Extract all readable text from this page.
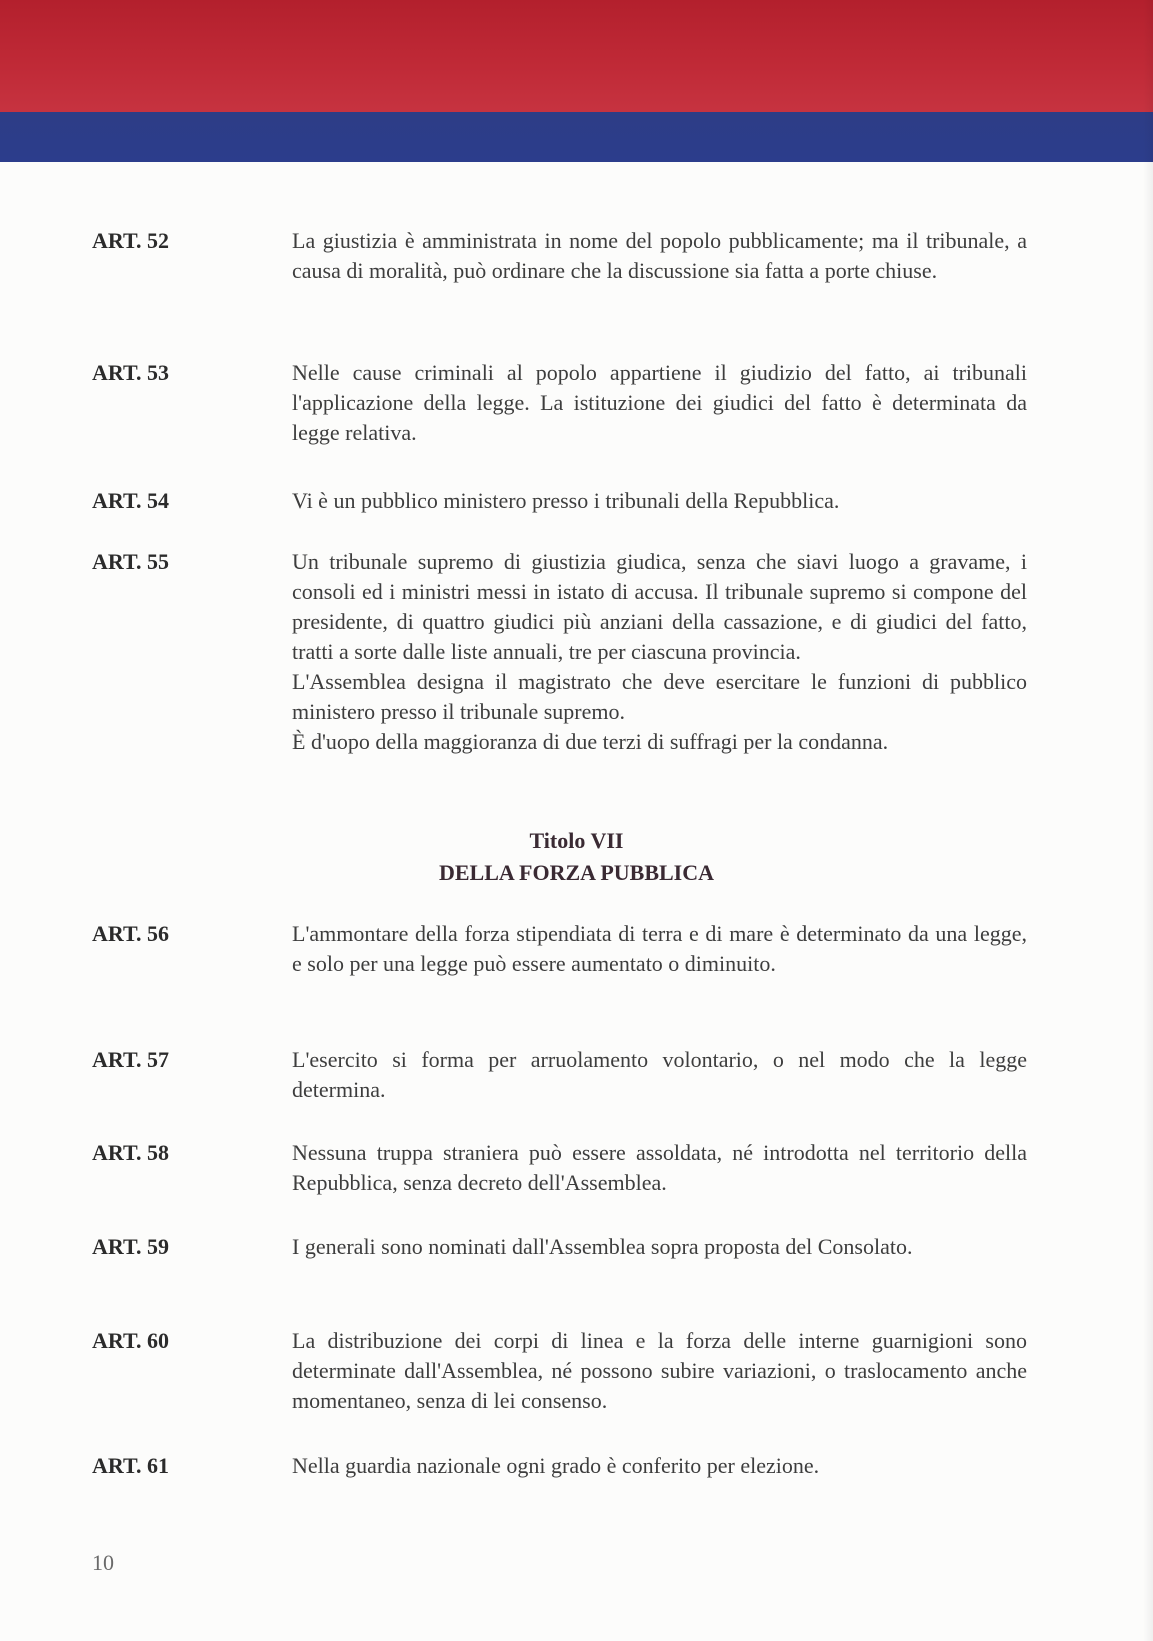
ART. 52	La giustizia è amministrata in nome del popolo pubblicamente; ma il tribunale, a causa di moralità, può ordinare che la discussione sia fatta a porte chiuse.
ART. 53	Nelle cause criminali al popolo appartiene il giudizio del fatto, ai tribunali l'applicazione della legge. La istituzione dei giudici del fatto è determinata da legge relativa.
ART. 54	Vi è un pubblico ministero presso i tribunali della Repubblica.
ART. 55	Un tribunale supremo di giustizia giudica, senza che siavi luogo a gravame, i consoli ed i ministri messi in istato di accusa. Il tribunale supremo si compone del presidente, di quattro giudici più anziani della cassazione, e di giudici del fatto, tratti a sorte dalle liste annuali, tre per ciascuna provincia.
L'Assemblea designa il magistrato che deve esercitare le funzioni di pubblico ministero presso il tribunale supremo.
È d'uopo della maggioranza di due terzi di suffragi per la condanna.
Titolo VII
DELLA FORZA PUBBLICA
ART. 56	L'ammontare della forza stipendiata di terra e di mare è determinato da una legge, e solo per una legge può essere aumentato o diminuito.
ART. 57	L'esercito si forma per arruolamento volontario, o nel modo che la legge determina.
ART. 58	Nessuna truppa straniera può essere assoldata, né introdotta nel territorio della Repubblica, senza decreto dell'Assemblea.
ART. 59	I generali sono nominati dall'Assemblea sopra proposta del Consolato.
ART. 60	La distribuzione dei corpi di linea e la forza delle interne guarnigioni sono determinate dall'Assemblea, né possono subire variazioni, o traslocamento anche momentaneo, senza di lei consenso.
ART. 61	Nella guardia nazionale ogni grado è conferito per elezione.
10
